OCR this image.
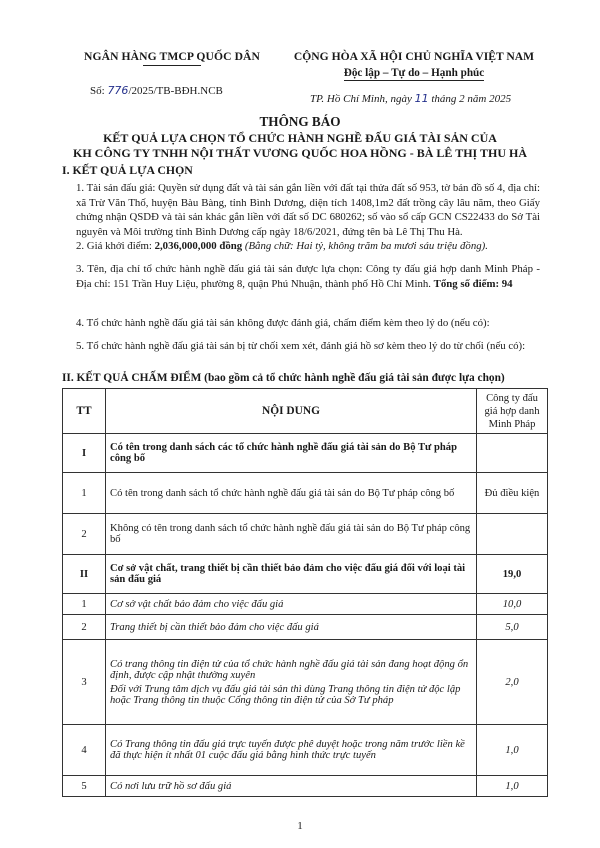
NGÂN HÀNG TMCP QUỐC DÂN	CỘNG HÒA XÃ HỘI CHỦ NGHĨA VIỆT NAM
Độc lập – Tự do – Hạnh phúc
Số: 776/2025/TB-BĐH.NCB
TP. Hồ Chí Minh, ngày 11 tháng 2 năm 2025
THÔNG BÁO
KẾT QUẢ LỰA CHỌN TỔ CHỨC HÀNH NGHỀ ĐẤU GIÁ TÀI SẢN CỦA
KH CÔNG TY TNHH NỘI THẤT VƯƠNG QUỐC HOA HỒNG - BÀ LÊ THỊ THU HÀ
I. KẾT QUẢ LỰA CHỌN
1. Tài sản đấu giá: Quyền sử dụng đất và tài sản gắn liền với đất tại thửa đất số 953, tờ bản đồ số 4, địa chỉ: xã Trừ Văn Thố, huyện Bàu Bàng, tỉnh Bình Dương, diện tích 1408,1m2 đất trồng cây lâu năm, theo Giấy chứng nhận QSDĐ và tài sản khác gắn liền với đất số DC 680262; số vào sổ cấp GCN CS22433 do Sở Tài nguyên và Môi trường tỉnh Bình Dương cấp ngày 18/6/2021, đứng tên bà Lê Thị Thu Hà.
2. Giá khởi điểm: 2,036,000,000 đồng (Bằng chữ: Hai tỷ, không trăm ba mươi sáu triệu đồng).
3. Tên, địa chỉ tổ chức hành nghề đấu giá tài sản được lựa chọn: Công ty đấu giá hợp danh Minh Pháp - Địa chỉ: 151 Trần Huy Liệu, phường 8, quận Phú Nhuận, thành phố Hồ Chí Minh. Tổng số điểm: 94
4. Tổ chức hành nghề đấu giá tài sản không được đánh giá, chấm điểm kèm theo lý do (nếu có):
5. Tổ chức hành nghề đấu giá tài sản bị từ chối xem xét, đánh giá hồ sơ kèm theo lý do từ chối (nếu có):
II. KẾT QUẢ CHẤM ĐIỂM (bao gồm cả tổ chức hành nghề đấu giá tài sản được lựa chọn)
TT	NỘI DUNG	Công ty đấu giá hợp danh Minh Pháp
I	Có tên trong danh sách các tổ chức hành nghề đấu giá tài sản do Bộ Tư pháp công bố	
1	Có tên trong danh sách tổ chức hành nghề đấu giá tài sản do Bộ Tư pháp công bố	Đủ điều kiện
2	Không có tên trong danh sách tổ chức hành nghề đấu giá tài sản do Bộ Tư pháp công bố	
II	Cơ sở vật chất, trang thiết bị cần thiết bảo đảm cho việc đấu giá đối với loại tài sản đấu giá	19,0
1	Cơ sở vật chất bảo đảm cho việc đấu giá	10,0
2	Trang thiết bị cần thiết bảo đảm cho việc đấu giá	5,0
3	Có trang thông tin điện tử của tổ chức hành nghề đấu giá tài sản đang hoạt động ổn định, được cập nhật thường xuyên
Đối với Trung tâm dịch vụ đấu giá tài sản thì dùng Trang thông tin điện tử độc lập hoặc Trang thông tin thuộc Cổng thông tin điện tử của Sở Tư pháp	2,0
4	Có Trang thông tin đấu giá trực tuyến được phê duyệt hoặc trong năm trước liền kề đã thực hiện ít nhất 01 cuộc đấu giá bằng hình thức trực tuyến	1,0
5	Có nơi lưu trữ hồ sơ đấu giá	1,0
1
